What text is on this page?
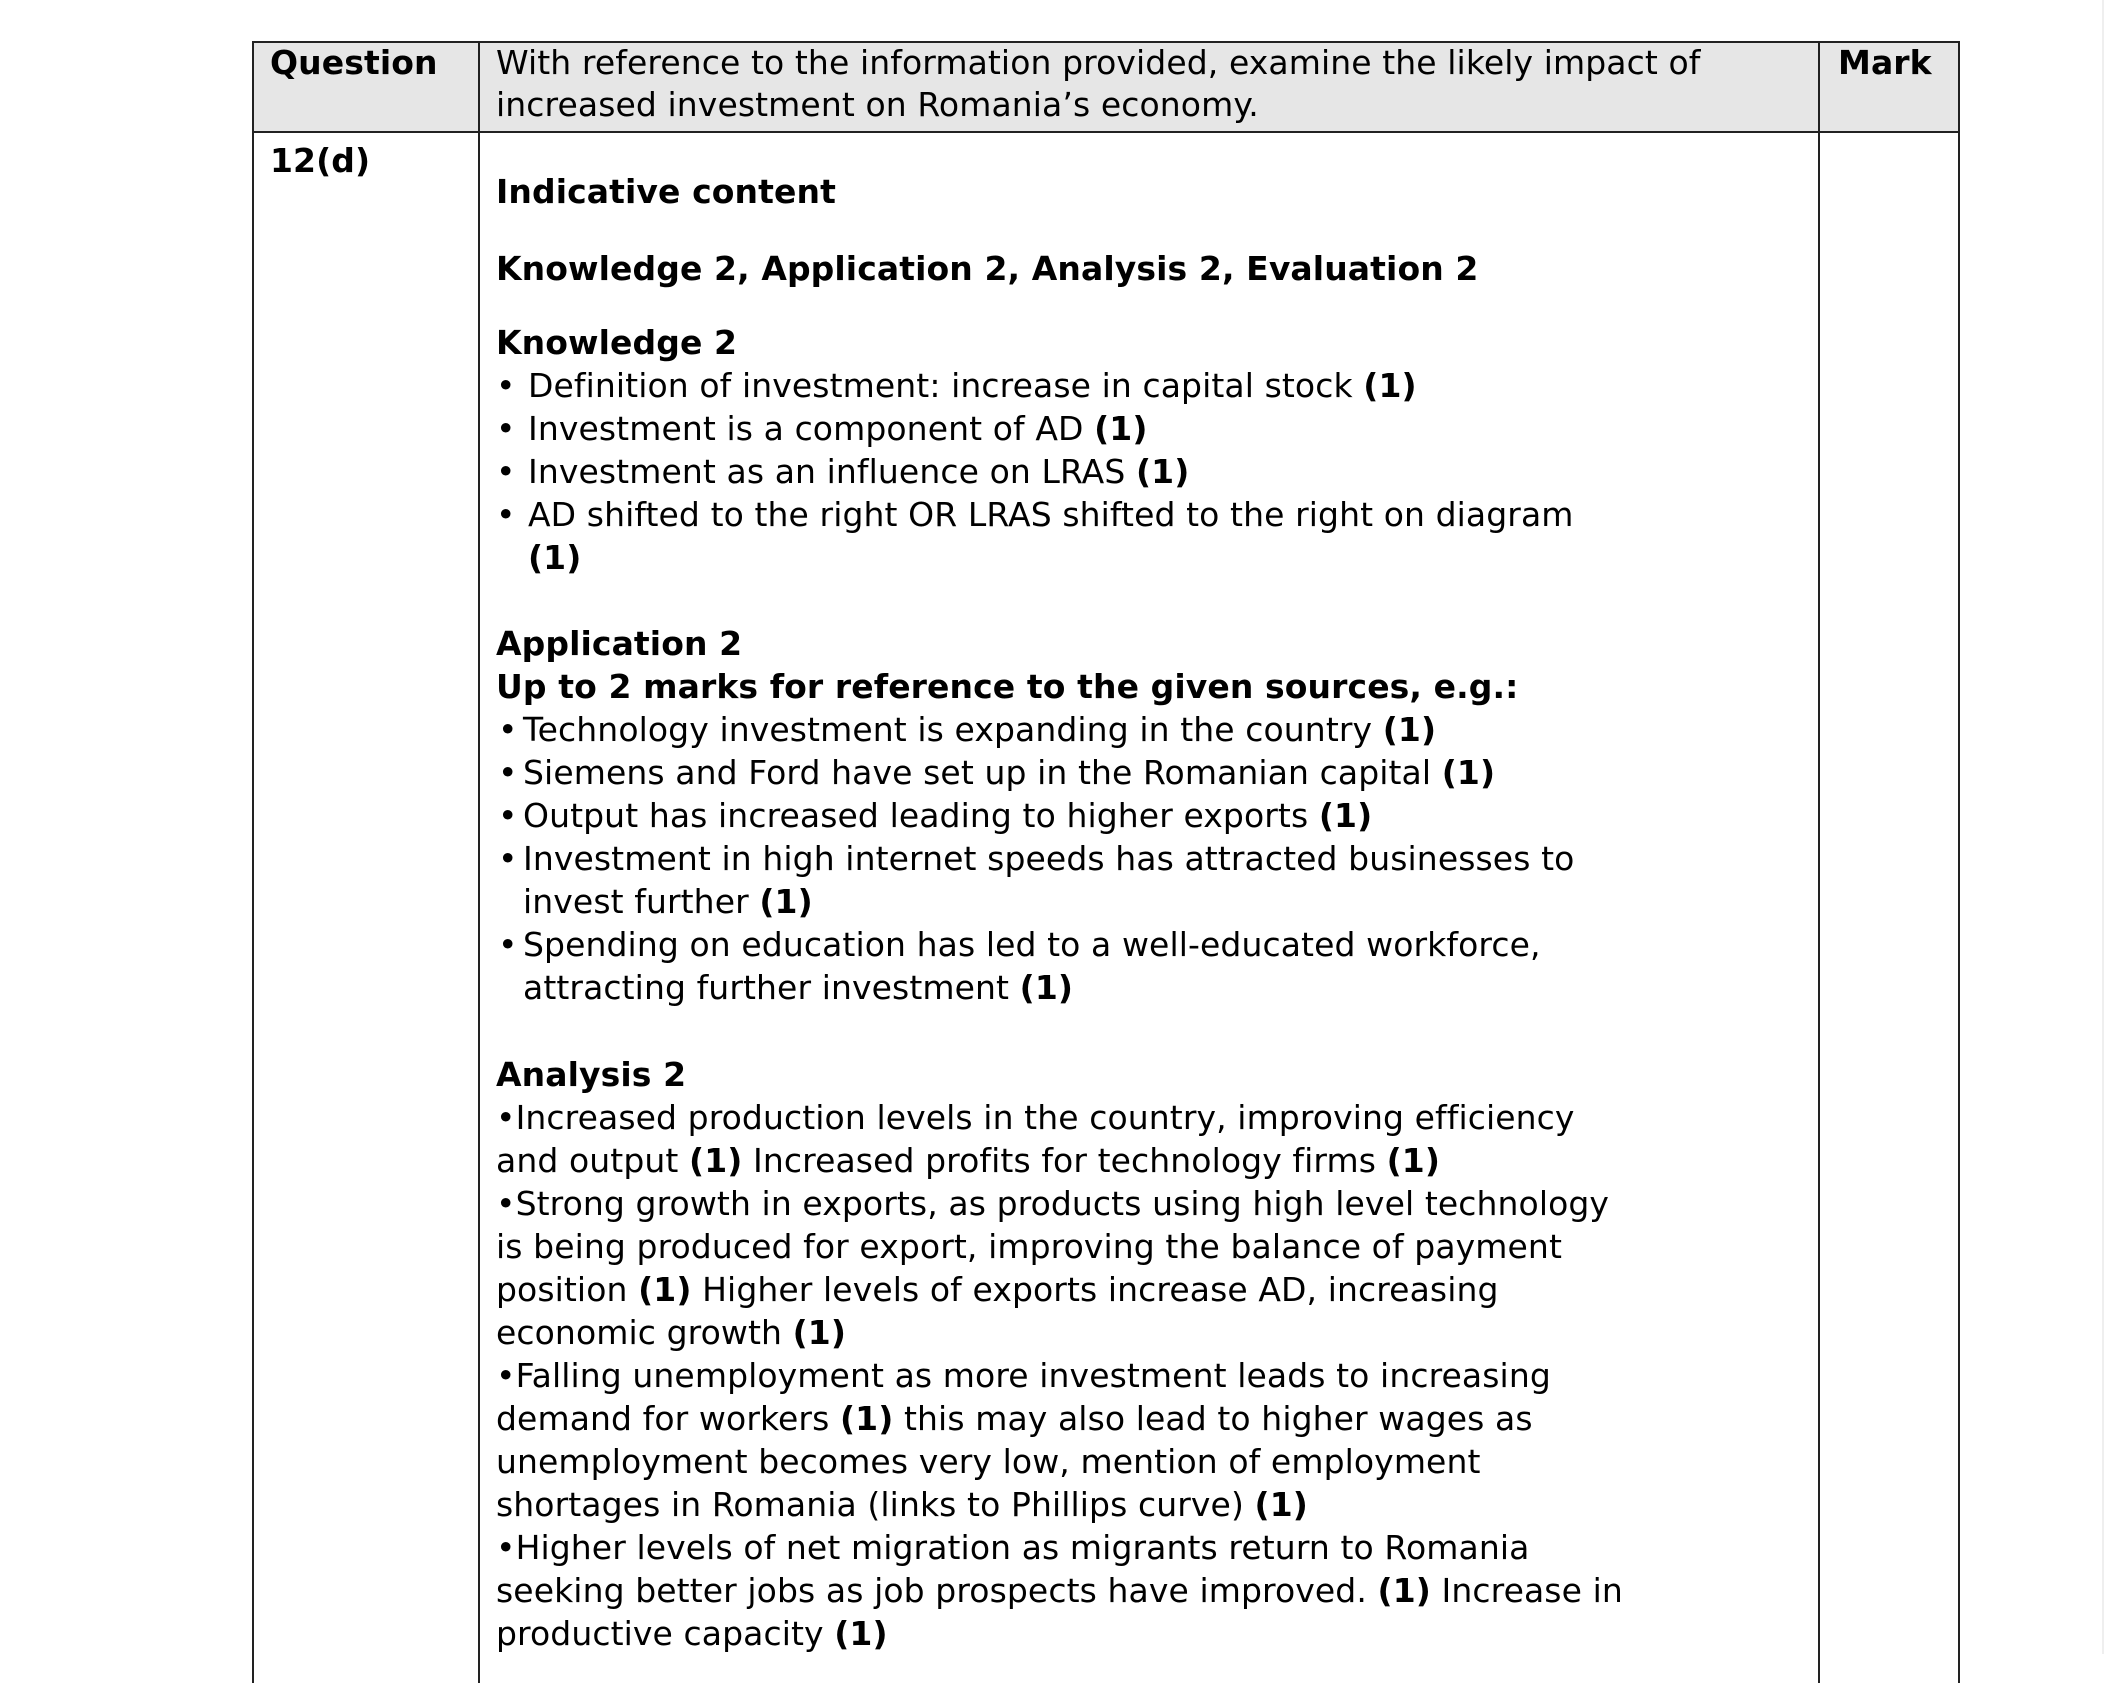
Question With reference to the information provided, examine the likely impact of
increased investment on Romania’s economy.
Mark
12(d)
Indicative content
Knowledge 2, Application 2, Analysis 2, Evaluation 2
Knowledge 2
• Definition of investment: increase in capital stock (1)
• Investment is a component of AD (1)
• Investment as an influence on LRAS (1)
• AD shifted to the right OR LRAS shifted to the right on diagram
(1)
Application 2
Up to 2 marks for reference to the given sources, e.g.:
• Technology investment is expanding in the country (1)
• Siemens and Ford have set up in the Romanian capital (1)
• Output has increased leading to higher exports (1)
• Investment in high internet speeds has attracted businesses to
invest further (1)
• Spending on education has led to a well-educated workforce,
attracting further investment (1)
Analysis 2
•Increased production levels in the country, improving efficiency
and output (1) Increased profits for technology firms (1)
•Strong growth in exports, as products using high level technology
is being produced for export, improving the balance of payment
position (1) Higher levels of exports increase AD, increasing
economic growth (1)
•Falling unemployment as more investment leads to increasing
demand for workers (1) this may also lead to higher wages as
unemployment becomes very low, mention of employment
shortages in Romania (links to Phillips curve) (1)
•Higher levels of net migration as migrants return to Romania
seeking better jobs as job prospects have improved. (1) Increase in
productive capacity (1)
